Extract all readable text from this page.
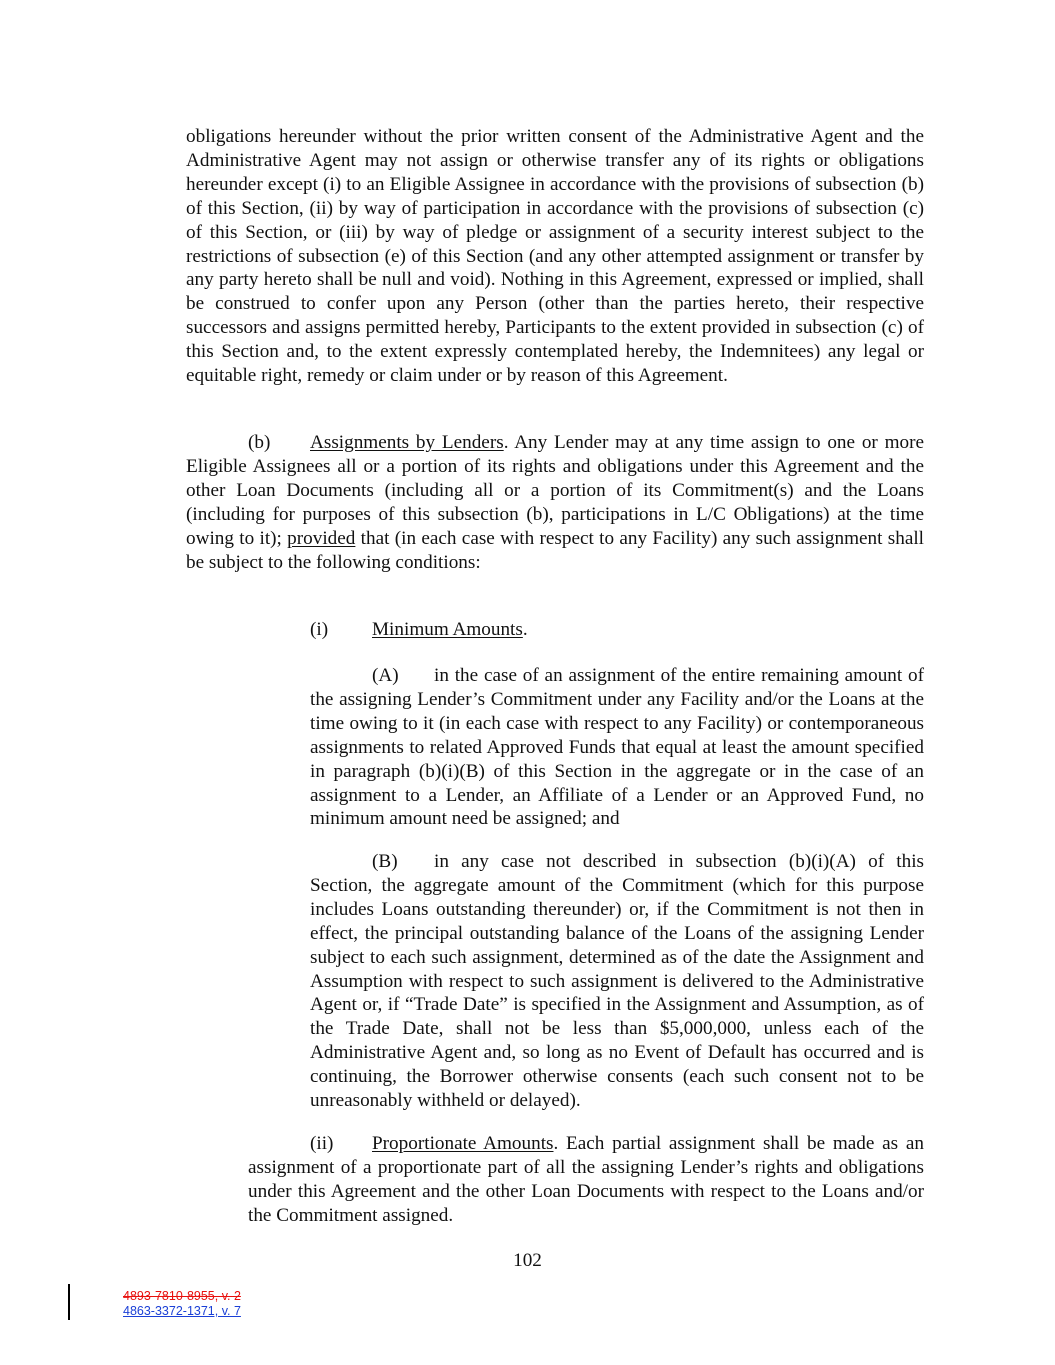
obligations hereunder without the prior written consent of the Administrative Agent and the Administrative Agent may not assign or otherwise transfer any of its rights or obligations hereunder except (i) to an Eligible Assignee in accordance with the provisions of subsection (b) of this Section, (ii) by way of participation in accordance with the provisions of subsection (c) of this Section, or (iii) by way of pledge or assignment of a security interest subject to the restrictions of subsection (e) of this Section (and any other attempted assignment or transfer by any party hereto shall be null and void). Nothing in this Agreement, expressed or implied, shall be construed to confer upon any Person (other than the parties hereto, their respective successors and assigns permitted hereby, Participants to the extent provided in subsection (c) of this Section and, to the extent expressly contemplated hereby, the Indemnitees) any legal or equitable right, remedy or claim under or by reason of this Agreement.

(b) Assignments by Lenders. Any Lender may at any time assign to one or more Eligible Assignees all or a portion of its rights and obligations under this Agreement and the other Loan Documents (including all or a portion of its Commitment(s) and the Loans (including for purposes of this subsection (b), participations in L/C Obligations) at the time owing to it); provided that (in each case with respect to any Facility) any such assignment shall be subject to the following conditions:

(i) Minimum Amounts.

(A) in the case of an assignment of the entire remaining amount of the assigning Lender’s Commitment under any Facility and/or the Loans at the time owing to it (in each case with respect to any Facility) or contemporaneous assignments to related Approved Funds that equal at least the amount specified in paragraph (b)(i)(B) of this Section in the aggregate or in the case of an assignment to a Lender, an Affiliate of a Lender or an Approved Fund, no minimum amount need be assigned; and

(B) in any case not described in subsection (b)(i)(A) of this Section, the aggregate amount of the Commitment (which for this purpose includes Loans outstanding thereunder) or, if the Commitment is not then in effect, the principal outstanding balance of the Loans of the assigning Lender subject to each such assignment, determined as of the date the Assignment and Assumption with respect to such assignment is delivered to the Administrative Agent or, if “Trade Date” is specified in the Assignment and Assumption, as of the Trade Date, shall not be less than $5,000,000, unless each of the Administrative Agent and, so long as no Event of Default has occurred and is continuing, the Borrower otherwise consents (each such consent not to be unreasonably withheld or delayed).

(ii) Proportionate Amounts. Each partial assignment shall be made as an assignment of a proportionate part of all the assigning Lender’s rights and obligations under this Agreement and the other Loan Documents with respect to the Loans and/or the Commitment assigned.

102
4893-7810-8955, v. 2
4863-3372-1371, v. 7
